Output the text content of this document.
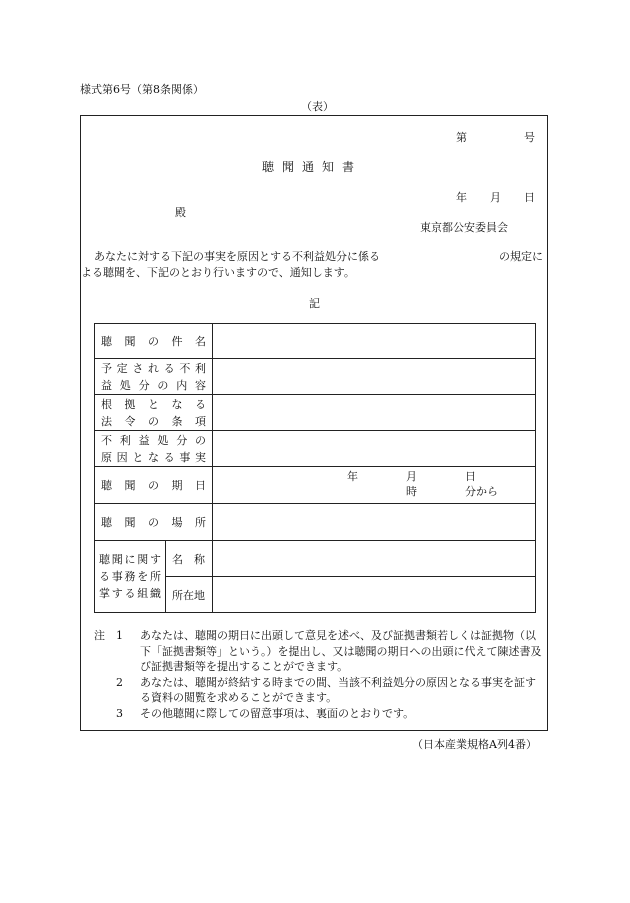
様式第6号（第8条関係）
（表）
第	号
聴聞通知書
年 月 日
殿
東京都公安委員会
あなたに対する下記の事実を原因とする不利益処分に係る	の規定に
よる聴聞を、下記のとおり行いますので、通知します。
記
聴聞の件名		

予定される不利
益処分の内容		

根拠となる
法令の条項		

不利益処分の
原因となる事実		

聴聞の期日		年 月 日
時 分から

聴聞の場所		

聴聞に関す
る事務を所
掌する組織	名　称	
	所在地	
注	1	あなたは、聴聞の期日に出頭して意見を述べ、及び証拠書類若しくは証拠物（以下「証拠書類等」という。）を提出し、又は聴聞の期日への出頭に代えて陳述書及び証拠書類等を提出することができます。
2	あなたは、聴聞が終結する時までの間、当該不利益処分の原因となる事実を証する資料の閲覧を求めることができます。
3	その他聴聞に際しての留意事項は、裏面のとおりです。
（日本産業規格A列4番）
